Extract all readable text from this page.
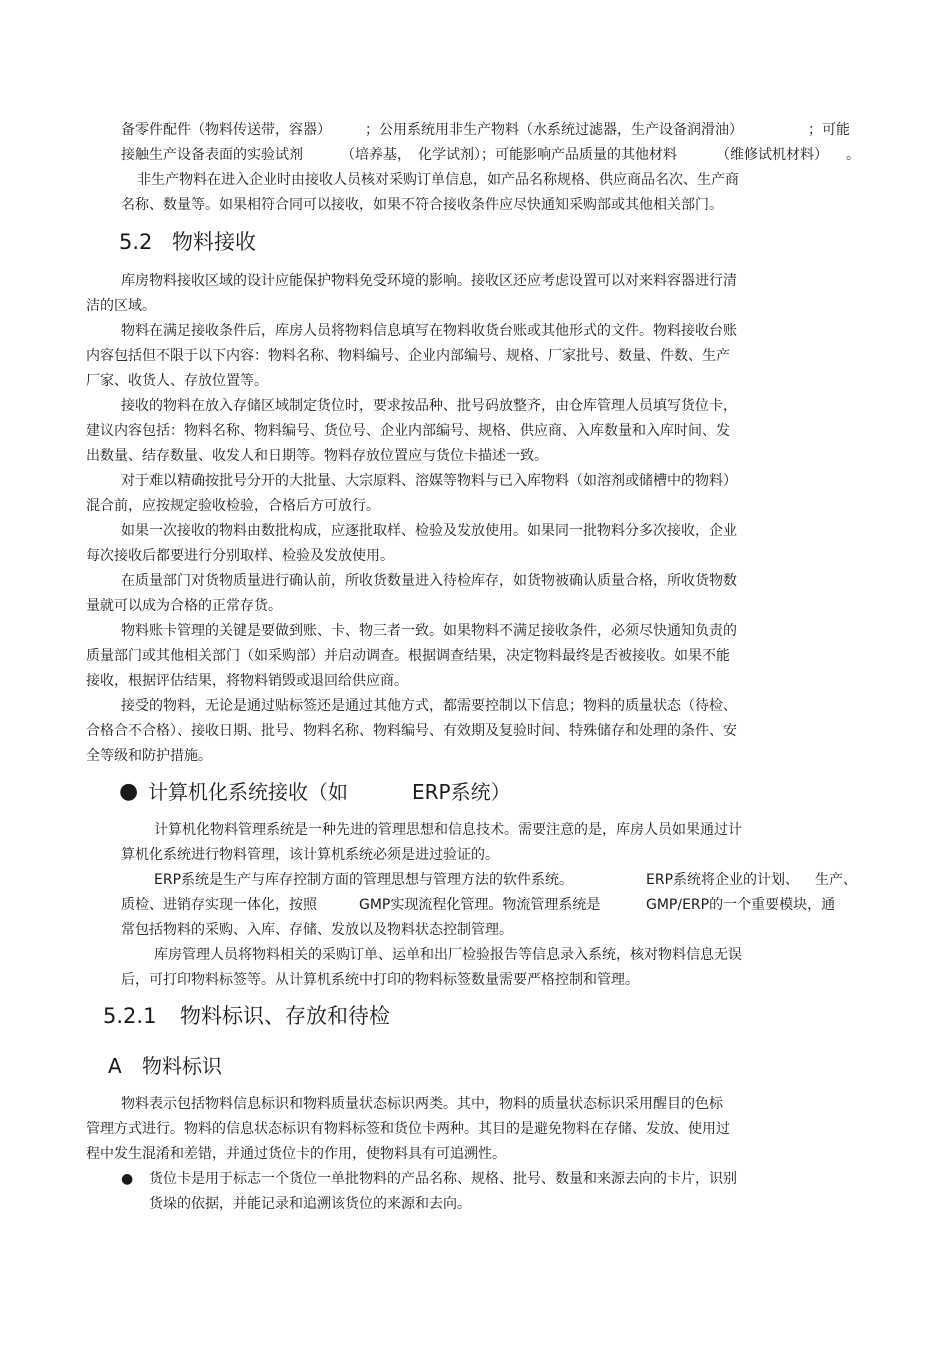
备零件配件（物料传送带，容器） ；公用系统用非生产物料（水系统过滤器，生产设备润滑油）	；可能
接触生产设备表面的实验试剂	（培养基， 化学试剂）；可能影响产品质量的其他材料	（维修试机材料） 。
非生产物料在进入企业时由接收人员核对采购订单信息，如产品名称规格、供应商品名次、生产商
名称、数量等。如果相符合同可以接收，如果不符合接收条件应尽快通知采购部或其他相关部门。
5.2 物料接收
库房物料接收区域的设计应能保护物料免受环境的影响。接收区还应考虑设置可以对来料容器进行清
洁的区域。
物料在满足接收条件后，库房人员将物料信息填写在物料收货台账或其他形式的文件。物料接收台账
内容包括但不限于以下内容：物料名称、物料编号、企业内部编号、规格、厂家批号、数量、件数、生产
厂家、收货人、存放位置等。
接收的物料在放入存储区域制定货位时，要求按品种、批号码放整齐，由仓库管理人员填写货位卡，
建议内容包括：物料名称、物料编号、货位号、企业内部编号、规格、供应商、入库数量和入库时间、发
出数量、结存数量、收发人和日期等。物料存放位置应与货位卡描述一致。
对于难以精确按批号分开的大批量、大宗原料、溶媒等物料与已入库物料（如溶剂或储槽中的物料）
混合前，应按规定验收检验，合格后方可放行。
如果一次接收的物料由数批构成，应逐批取样、检验及发放使用。如果同一批物料分多次接收，企业
每次接收后都要进行分别取样、检验及发放使用。
在质量部门对货物质量进行确认前，所收货数量进入待检库存，如货物被确认质量合格，所收货物数
量就可以成为合格的正常存货。
物料账卡管理的关键是要做到账、卡、物三者一致。如果物料不满足接收条件，必须尽快通知负责的
质量部门或其他相关部门（如采购部）并启动调查。根据调查结果，决定物料最终是否被接收。如果不能
接收，根据评估结果，将物料销毁或退回给供应商。
接受的物料，无论是通过贴标签还是通过其他方式，都需要控制以下信息；物料的质量状态（待检、
合格合不合格）、接收日期、批号、物料名称、物料编号、有效期及复验时间、特殊储存和处理的条件、安
全等级和防护措施。
● 计算机化系统接收（如	ERP系统）
计算机化物料管理系统是一种先进的管理思想和信息技术。需要注意的是，库房人员如果通过计
算机化系统进行物料管理，该计算机系统必须是进过验证的。
ERP系统是生产与库存控制方面的管理思想与管理方法的软件系统。	ERP系统将企业的计划、 生产、
质检、进销存实现一体化，按照	GMP实现流程化管理。物流管理系统是	GMP/ERP的一个重要模块，通
常包括物料的采购、入库、存储、发放以及物料状态控制管理。
库房管理人员将物料相关的采购订单、运单和出厂检验报告等信息录入系统，核对物料信息无误
后，可打印物料标签等。从计算机系统中打印的物料标签数量需要严格控制和管理。
5.2.1 物料标识、存放和待检
A 物料标识
物料表示包括物料信息标识和物料质量状态标识两类。其中，物料的质量状态标识采用醒目的色标
管理方式进行。物料的信息状态标识有物料标签和货位卡两种。其目的是避免物料在存储、发放、使用过
程中发生混淆和差错，并通过货位卡的作用，使物料具有可追溯性。
● 货位卡是用于标志一个货位一单批物料的产品名称、规格、批号、数量和来源去向的卡片，识别
货垛的依据，并能记录和追溯该货位的来源和去向。
